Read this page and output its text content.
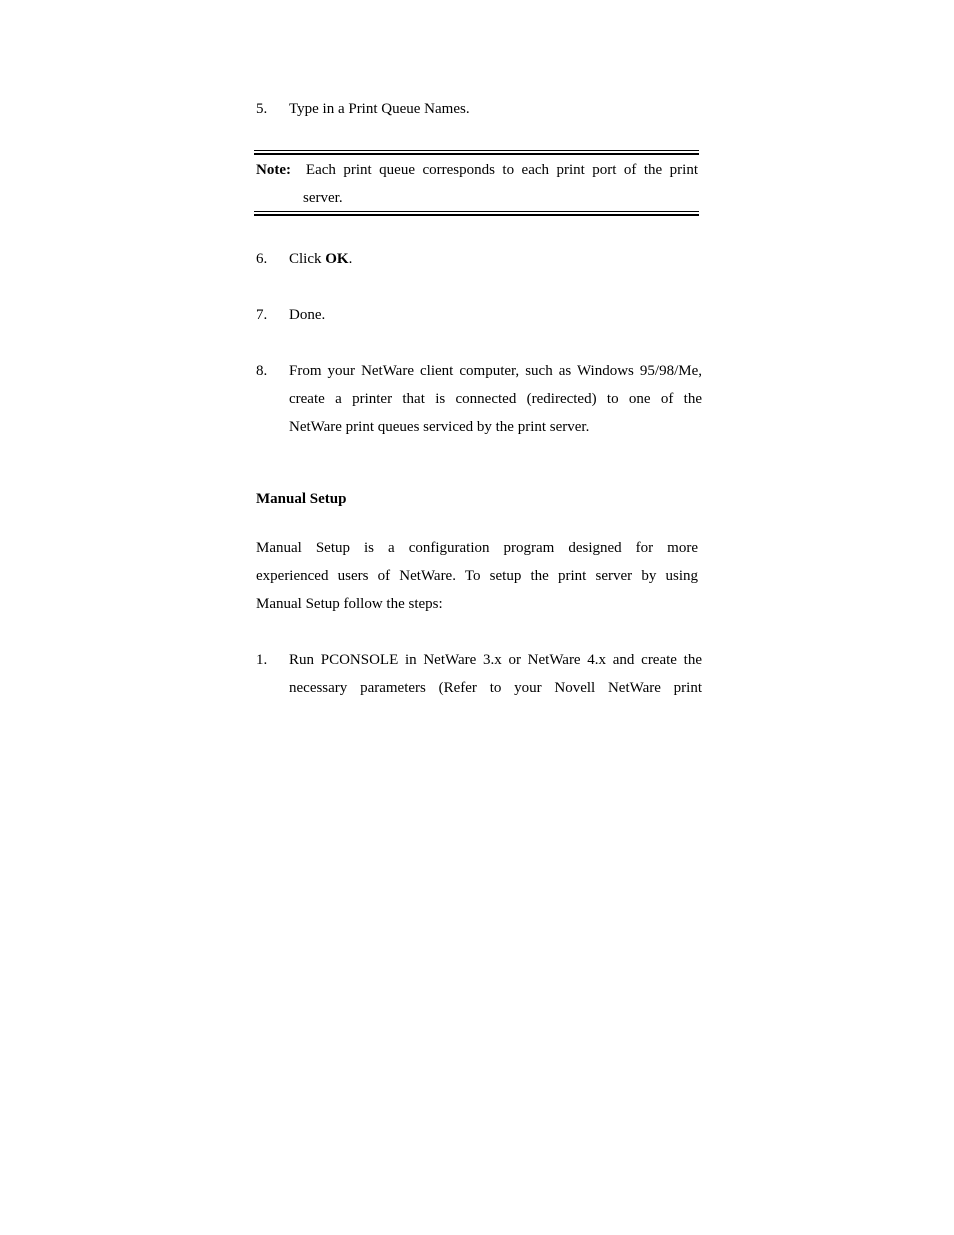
5. Type in a Print Queue Names.
Note: Each print queue corresponds to each print port of the print
server.
6. Click OK.
7. Done.
8. From your NetWare client computer, such as Windows 95/98/Me,
create a printer that is connected (redirected) to one of the
NetWare print queues serviced by the print server.
Manual Setup
Manual Setup is a configuration program designed for more
experienced users of NetWare. To setup the print server by using
Manual Setup follow the steps:
1. Run PCONSOLE in NetWare 3.x or NetWare 4.x and create the
necessary parameters (Refer to your Novell NetWare print
